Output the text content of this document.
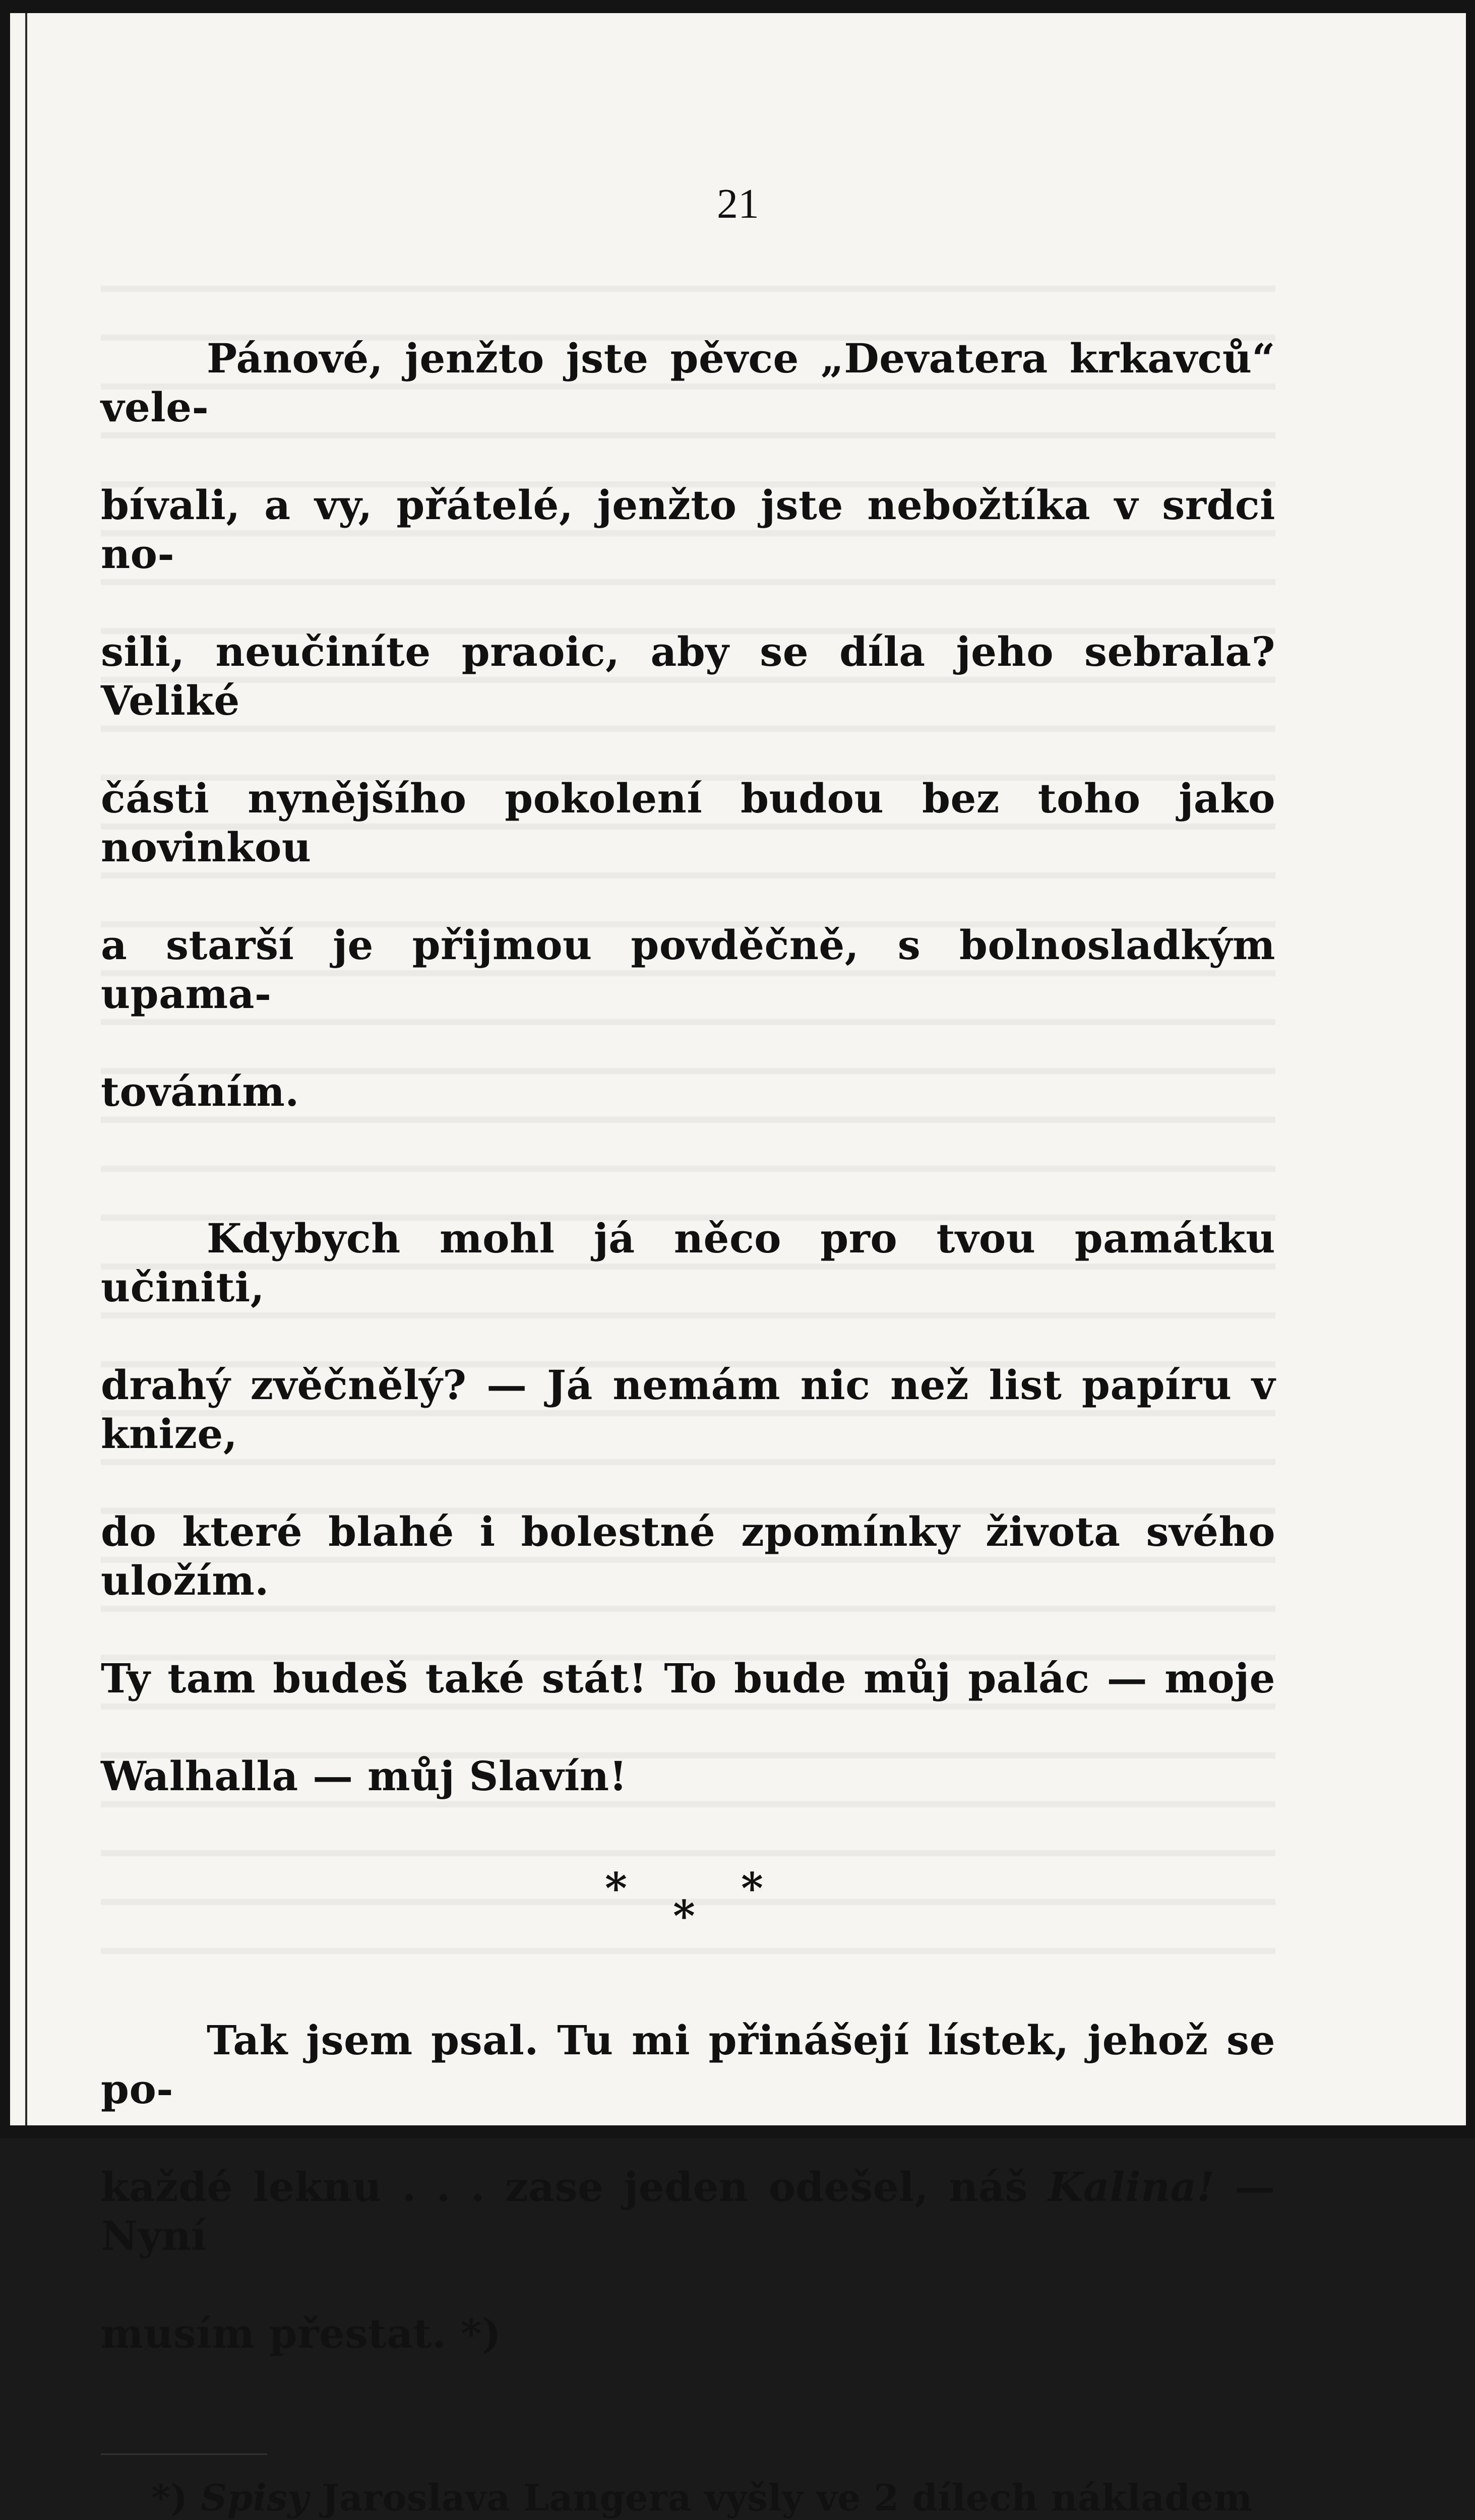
21

Pánové, jenžto jste pěvce „Devatera krkavců“ vele-

bívali, a vy, přátelé, jenžto jste nebožtíka v srdci no-

sili, neučiníte praoic, aby se díla jeho sebrala? Veliké

části nynějšího pokolení budou bez toho jako novinkou

a starší je přijmou povděčně, s bolnosladkým upama-

továním.

Kdybych mohl já něco pro tvou památku učiniti,

drahý zvěčnělý? — Já nemám nic než list papíru v knize,

do které blahé i bolestné zpomínky života svého uložím.

Ty tam budeš také stát! To bude můj palác — moje

Walhalla — můj Slavín!

*	*
*

Tak jsem psal. Tu mi přinášejí lístek, jehož se po-

každé leknu . . . zase jeden odešel, náš Kalina! — Nyní

musím přestat. *)

*) Spisy Jaroslava Langera vyšly ve 2 dílech nákladem
